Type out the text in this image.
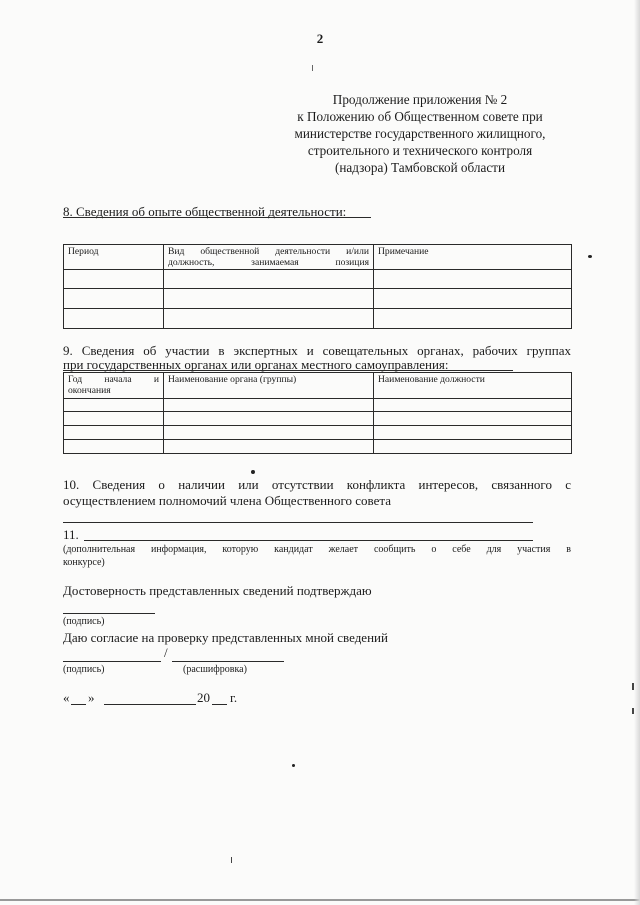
2
Продолжение приложения № 2
к Положению об Общественном совете при
министерстве государственного жилищного,
строительного и технического контроля
(надзора) Тамбовской области
8. Сведения об опыте общественной деятельности:
Период	Вид общественной деятельности и/или должность, занимаемая позиция	Примечание

9. Сведения об участии в экспертных и совещательных органах, рабочих группах
при государственных органах или органах местного самоуправления:
Год начала и окончания	Наименование органа (группы)	Наименование должности

10. Сведения о наличии или отсутствии конфликта интересов, связанного с
осуществлением полномочий члена Общественного совета
11.
(дополнительная информация, которую кандидат желает сообщить о себе для участия в
конкурсе)
Достоверность представленных сведений подтверждаю
(подпись)
Даю согласие на проверку представленных мной сведений
/
(подпись)	(расшифровка)
« »	20 г.
